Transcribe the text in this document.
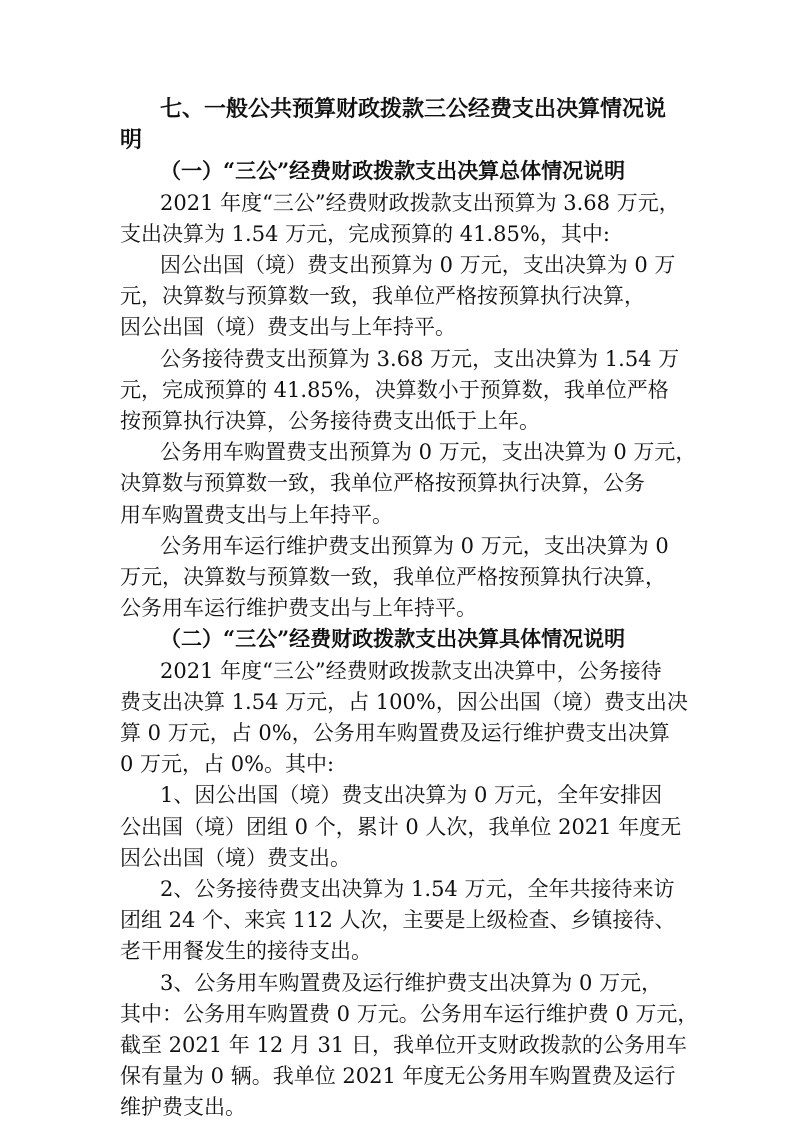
七、一般公共预算财政拨款三公经费支出决算情况说
明
（一）“三公”经费财政拨款支出决算总体情况说明
2021 年度“三公”经费财政拨款支出预算为 3.68 万元，
支出决算为 1.54 万元，完成预算的 41.85%，其中:
因公出国（境）费支出预算为 0 万元，支出决算为 0 万
元，决算数与预算数一致，我单位严格按预算执行决算，
因公出国（境）费支出与上年持平。
公务接待费支出预算为 3.68 万元，支出决算为 1.54 万
元，完成预算的 41.85%，决算数小于预算数，我单位严格
按预算执行决算，公务接待费支出低于上年。
公务用车购置费支出预算为 0 万元，支出决算为 0 万元，
决算数与预算数一致，我单位严格按预算执行决算，公务
用车购置费支出与上年持平。
公务用车运行维护费支出预算为 0 万元，支出决算为 0
万元，决算数与预算数一致，我单位严格按预算执行决算，
公务用车运行维护费支出与上年持平。
（二）“三公”经费财政拨款支出决算具体情况说明
2021 年度“三公”经费财政拨款支出决算中，公务接待
费支出决算 1.54 万元，占 100%，因公出国（境）费支出决
算 0 万元，占 0%，公务用车购置费及运行维护费支出决算
0 万元，占 0%。其中:
1、因公出国（境）费支出决算为 0 万元，全年安排因
公出国（境）团组 0 个，累计 0 人次，我单位 2021 年度无
因公出国（境）费支出。
2、公务接待费支出决算为 1.54 万元，全年共接待来访
团组 24 个、来宾 112 人次，主要是上级检查、乡镇接待、
老干用餐发生的接待支出。
3、公务用车购置费及运行维护费支出决算为 0 万元，
其中：公务用车购置费 0 万元。公务用车运行维护费 0 万元，
截至 2021 年 12 月 31 日，我单位开支财政拨款的公务用车
保有量为 0 辆。我单位 2021 年度无公务用车购置费及运行
维护费支出。
